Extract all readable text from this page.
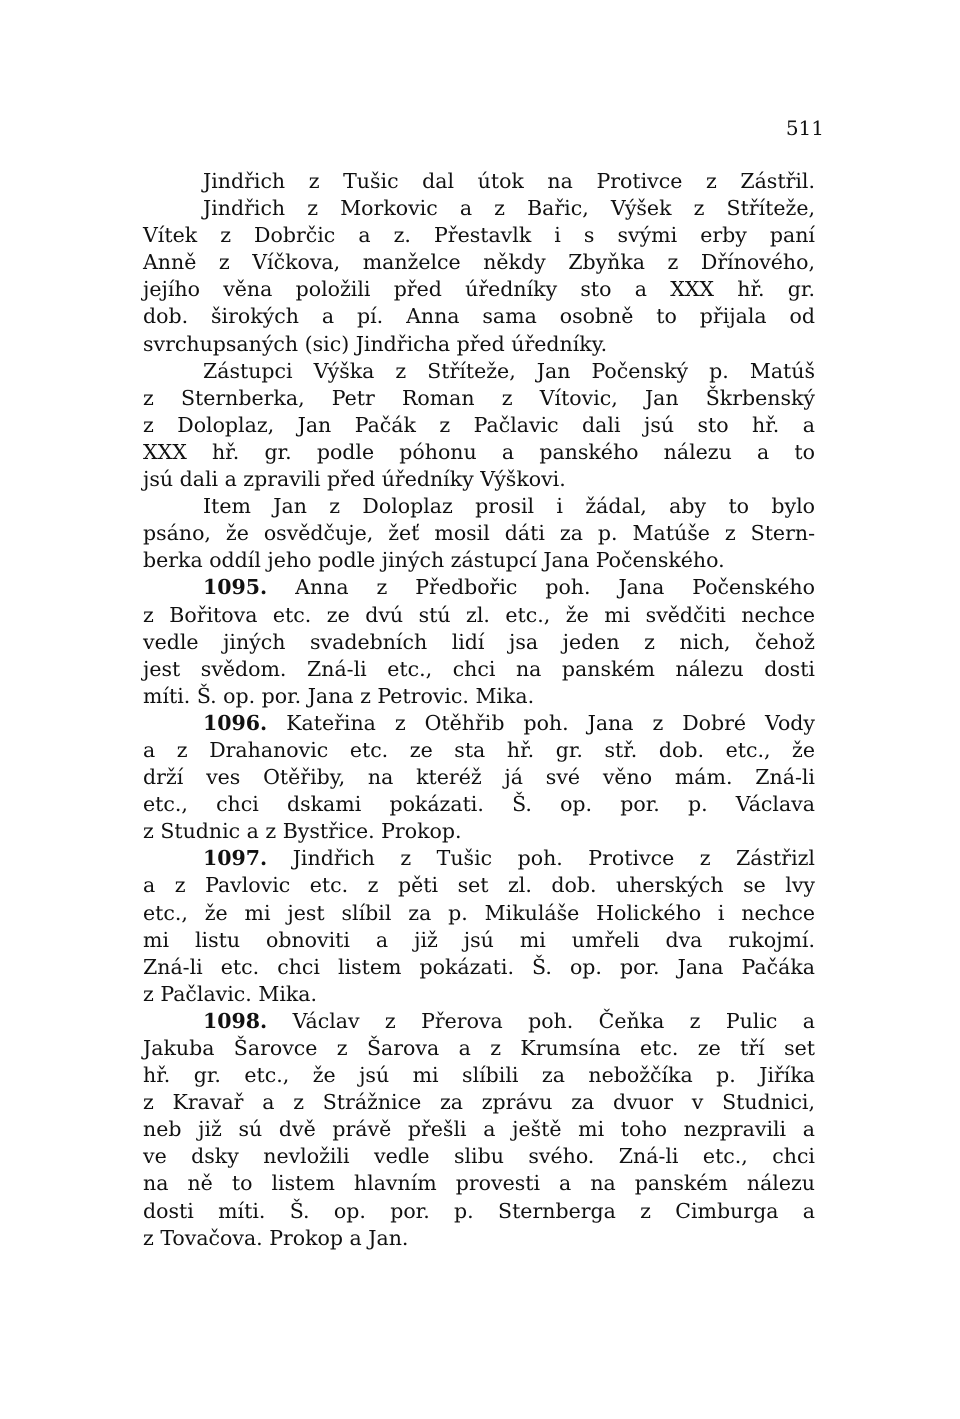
511
Jindřich z Tušic dal útok na Protivce z Zástřil.
Jindřich z Morkovic a z Bařic, Výšek z Stříteže,
Vítek z Dobrčic a z. Přestavlk i s svými erby paní
Anně z Víčkova, manželce někdy Zbyňka z Dřínového,
jejího věna položili před úředníky sto a XXX hř. gr.
dob. širokých a pí. Anna sama osobně to přijala od
svrchupsaných (sic) Jindřicha před úředníky.
Zástupci Výška z Stříteže, Jan Počenský p. Matúš
z Sternberka, Petr Roman z Vítovic, Jan Škrbenský
z Doloplaz, Jan Pačák z Pačlavic dali jsú sto hř. a
XXX hř. gr. podle póhonu a panského nálezu a to
jsú dali a zpravili před úředníky Výškovi.
Item Jan z Doloplaz prosil i žádal, aby to bylo
psáno, že osvědčuje, žeť mosil dáti za p. Matúše z Stern-
berka oddíl jeho podle jiných zástupcí Jana Počenského.
1095. Anna z Předbořic poh. Jana Počenského
z Bořitova etc. ze dvú stú zl. etc., že mi svědčiti nechce
vedle jiných svadebních lidí jsa jeden z nich, čehož
jest svědom. Zná-li etc., chci na panském nálezu dosti
míti. Š. op. por. Jana z Petrovic. Mika.
1096. Kateřina z Otěhřib poh. Jana z Dobré Vody
a z Drahanovic etc. ze sta hř. gr. stř. dob. etc., že
drží ves Otěřiby, na kteréž já své věno mám. Zná-li
etc., chci dskami pokázati. Š. op. por. p. Václava
z Studnic a z Bystřice. Prokop.
1097. Jindřich z Tušic poh. Protivce z Zástřizl
a z Pavlovic etc. z pěti set zl. dob. uherských se lvy
etc., že mi jest slíbil za p. Mikuláše Holického i nechce
mi listu obnoviti a již jsú mi umřeli dva rukojmí.
Zná-li etc. chci listem pokázati. Š. op. por. Jana Pačáka
z Pačlavic. Mika.
1098. Václav z Přerova poh. Čeňka z Pulic a
Jakuba Šarovce z Šarova a z Krumsína etc. ze tří set
hř. gr. etc., že jsú mi slíbili za nebožčíka p. Jiříka
z Kravař a z Strážnice za zprávu za dvuor v Studnici,
neb již sú dvě právě přešli a ještě mi toho nezpravili a
ve dsky nevložili vedle slibu svého. Zná-li etc., chci
na ně to listem hlavním provesti a na panském nálezu
dosti míti. Š. op. por. p. Sternberga z Cimburga a
z Tovačova. Prokop a Jan.
